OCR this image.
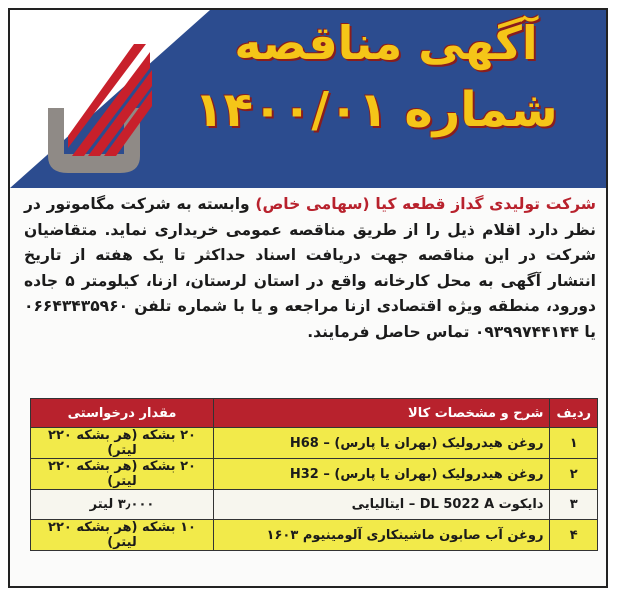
آگهی مناقصه
شماره ۱۴۰۰/۰۱
شرکت تولیدی گداز قطعه کیا (سهامی خاص) وابسته به شرکت مگاموتور در نظر دارد اقلام ذیل را از طریق مناقصه عمومی خریداری نماید. متقاضیان شرکت در این مناقصه جهت دریافت اسناد حداکثر تا یک هفته از تاریخ انتشار آگهی به محل کارخانه واقع در استان لرستان، ازنا، کیلومتر ۵ جاده دورود، منطقه ویژه اقتصادی ازنا مراجعه و یا با شماره تلفن ۰۶۶۴۳۴۳۵۹۶۰ یا ۰۹۳۹۹۷۴۴۱۴۴ تماس حاصل فرمایند.
ردیف	شرح و مشخصات کالا	مقدار درخواستی
۱	روغن هیدرولیک (بهران یا پارس) – H68	۲۰ بشکه (هر بشکه ۲۲۰ لیتر)
۲	روغن هیدرولیک (بهران یا پارس) – H32	۲۰ بشکه (هر بشکه ۲۲۰ لیتر)
۳	دایکوت DL 5022 A – ایتالیایی	۳٫۰۰۰ لیتر
۴	روغن آب صابون ماشینکاری آلومینیوم ۱۶۰۳	۱۰ بشکه (هر بشکه ۲۲۰ لیتر)
